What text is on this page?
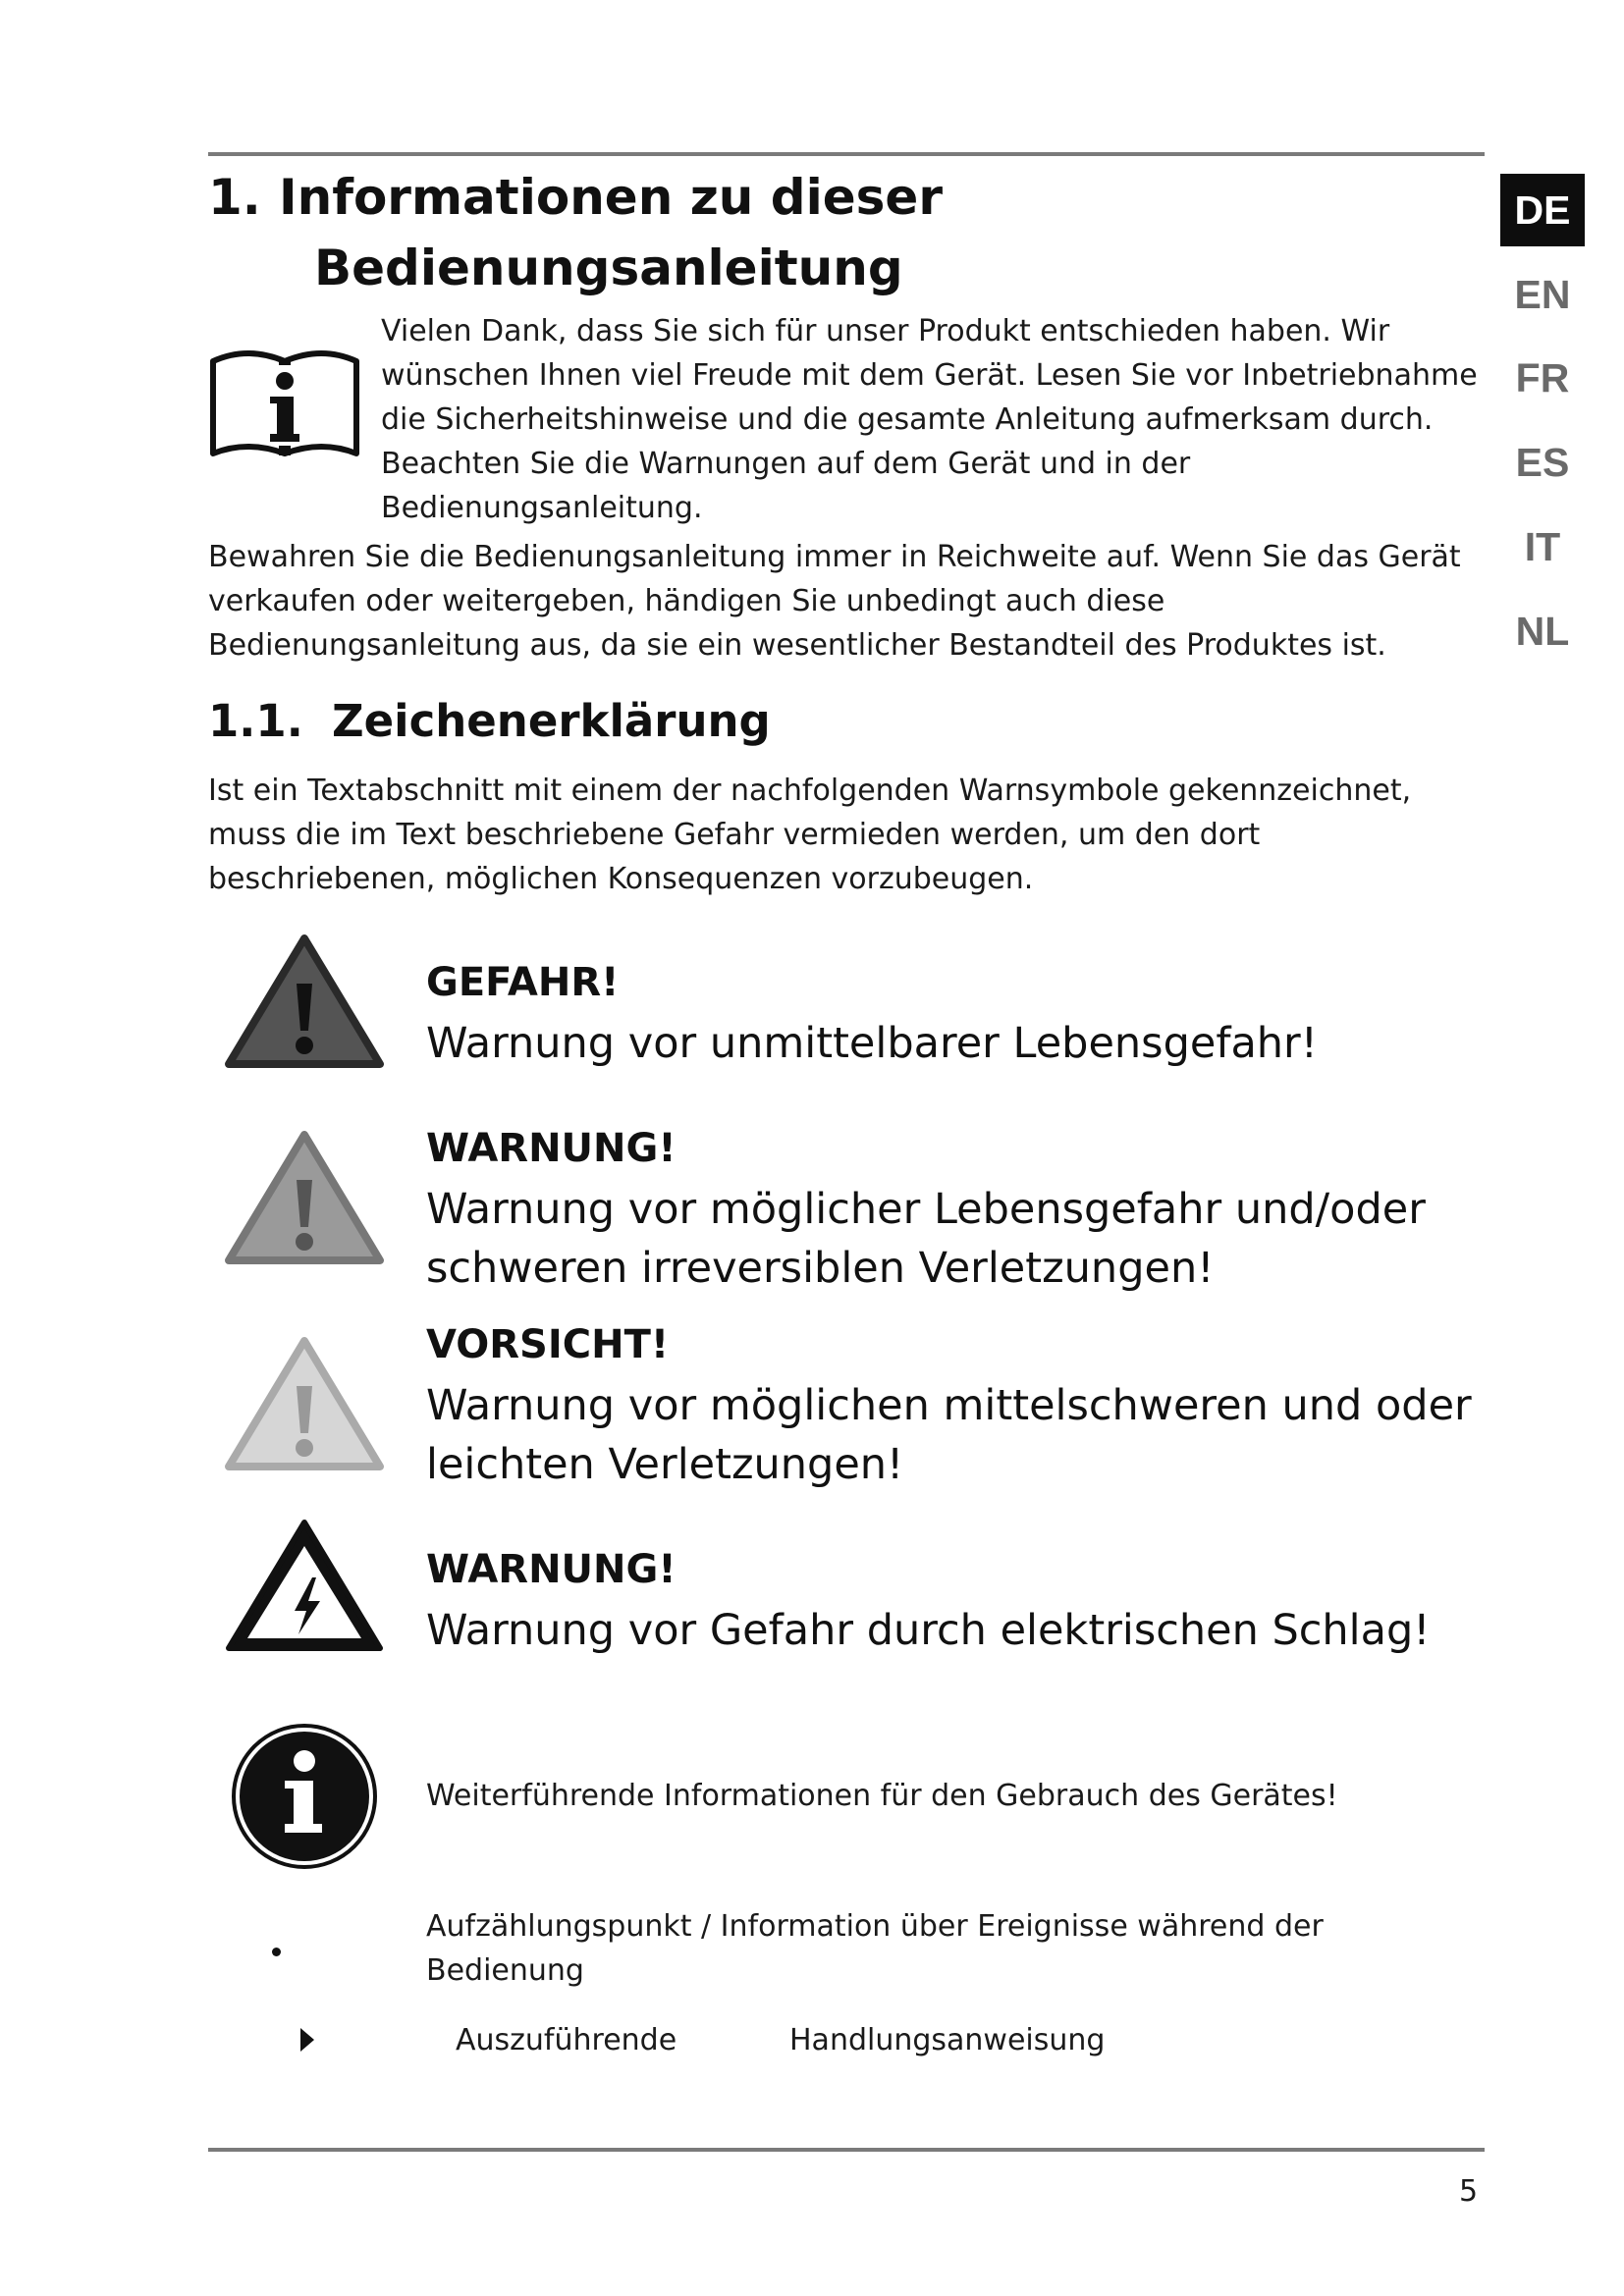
DE
EN
FR
ES
IT
NL
1. Informationen zu dieser
Bedienungsanleitung

Vielen Dank, dass Sie sich für unser Produkt entschieden haben. Wir wünschen Ihnen viel Freude mit dem Gerät. Lesen Sie vor Inbetriebnahme die Sicherheitshinweise und die gesamte Anleitung aufmerksam durch. Beachten Sie die Warnungen auf dem Gerät und in der Bedienungsanleitung.

Bewahren Sie die Bedienungsanleitung immer in Reichweite auf. Wenn Sie das Gerät verkaufen oder weitergeben, händigen Sie unbedingt auch diese Bedienungsanleitung aus, da sie ein wesentlicher Bestandteil des Produktes ist.

1.1. Zeichenerklärung

Ist ein Textabschnitt mit einem der nachfolgenden Warnsymbole gekennzeichnet, muss die im Text beschriebene Gefahr vermieden werden, um den dort beschriebenen, möglichen Konsequenzen vorzubeugen.

GEFAHR!
Warnung vor unmittelbarer Lebensgefahr!
WARNUNG!
Warnung vor möglicher Lebensgefahr und/oder schweren irreversiblen Verletzungen!
VORSICHT!
Warnung vor möglichen mittelschweren und oder leichten Verletzungen!
WARNUNG!
Warnung vor Gefahr durch elektrischen Schlag!
Weiterführende Informationen für den Gebrauch des Gerätes!
Aufzählungspunkt / Information über Ereignisse während der Bedienung
Auszuführende	Handlungsanweisung
5
